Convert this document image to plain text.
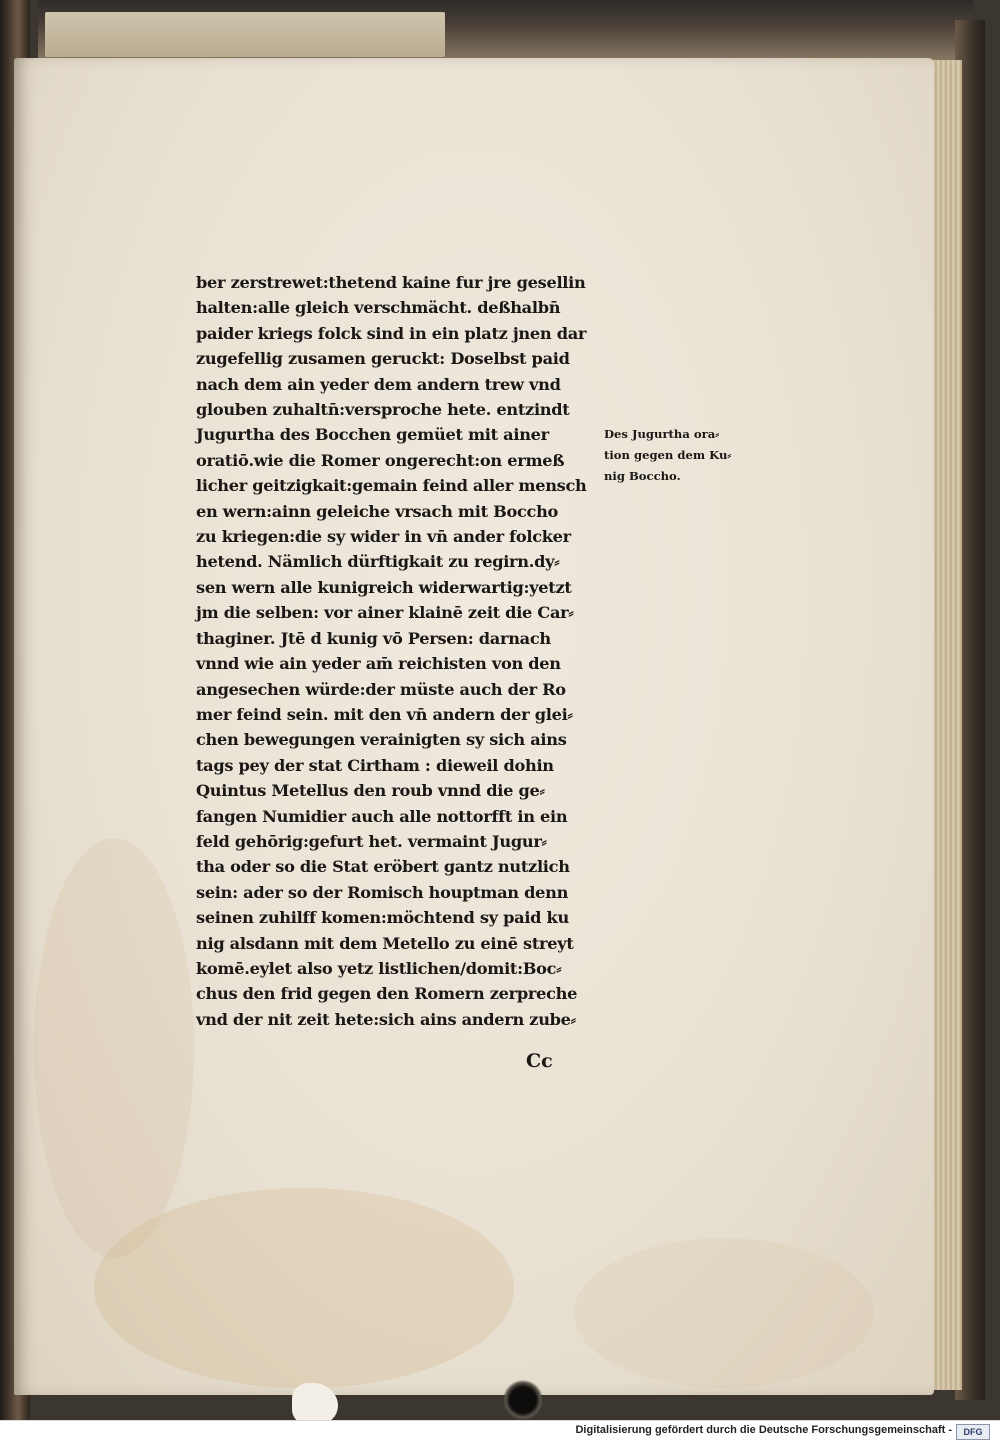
ber zerstrewet:thetend kaine fur jre gesellin
halten:alle gleich verschmächt. deßhalbn̄
paider kriegs folck sind in ein platz jnen dar
zugefellig zusamen geruckt: Doselbst paid
nach dem ain yeder dem andern trew vnd
glouben zuhaltn̄:versproche hete. entzindt
Jugurtha des Bocchen gemüet mit ainer
oratiō.wie die Romer ongerecht:on ermeß
licher geitzigkait:gemain feind aller mensch
en wern:ainn geleiche vrsach mit Boccho
zu kriegen:die sy wider in vn̄ ander folcker
hetend. Nämlich dürftigkait zu regirn.dy⸗
sen wern alle kunigreich widerwartig:yetzt
jm die selben: vor ainer klainē zeit die Car⸗
thaginer. Jtē d kunig vō Persen: darnach
vnnd wie ain yeder am̄ reichisten von den
angesechen würde:der müste auch der Ro
mer feind sein. mit den vn̄ andern der glei⸗
chen bewegungen verainigten sy sich ains
tags pey der stat Cirtham : dieweil dohin
Quintus Metellus den roub vnnd die ge⸗
fangen Numidier auch alle nottorfft in ein
feld gehōrig:gefurt het. vermaint Jugur⸗
tha oder so die Stat eröbert gantz nutzlich
sein: ader so der Romisch houptman denn
seinen zuhilff komen:möchtend sy paid ku
nig alsdann mit dem Metello zu einē streyt
komē.eylet also yetz listlichen/domit:Boc⸗
chus den frid gegen den Romern zerpreche
vnd der nit zeit hete:sich ains andern zube⸗
Cc
Des Jugurtha ora⸗
tion gegen dem Ku⸗
nig Boccho.
Digitalisierung gefördert durch die Deutsche Forschungsgemeinschaft -	DFG
